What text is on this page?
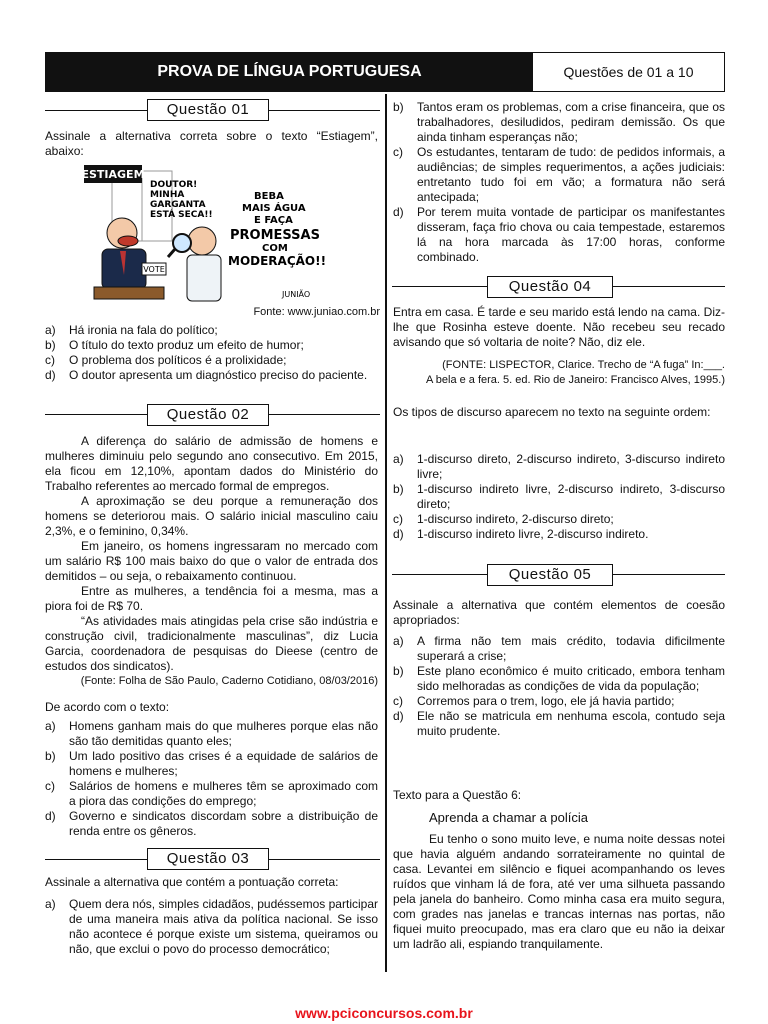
PROVA DE LÍNGUA PORTUGUESA	Questões de 01 a 10
Questão 01
Assinale a alternativa correta sobre o texto “Estiagem”, abaixo:
ESTIAGEM
VOTE
DOUTOR! MINHA GARGANTA ESTÁ SECA!!
BEBA MAIS ÁGUA E FAÇA PROMESSAS COM MODERAÇÃO!!
JUNIÃO
Fonte: www.juniao.com.br
a)	Há ironia na fala do político;
b)	O título do texto produz um efeito de humor;
c)	O problema dos políticos é a prolixidade;
d)	O doutor apresenta um diagnóstico preciso do paciente.
Questão 02
A diferença do salário de admissão de homens e mulheres diminuiu pelo segundo ano consecutivo. Em 2015, ela ficou em 12,10%, apontam dados do Ministério do Trabalho referentes ao mercado formal de empregos.
A aproximação se deu porque a remuneração dos homens se deteriorou mais. O salário inicial masculino caiu 2,3%, e o feminino, 0,34%.
Em janeiro, os homens ingressaram no mercado com um salário R$ 100 mais baixo do que o valor de entrada dos demitidos – ou seja, o rebaixamento continuou.
Entre as mulheres, a tendência foi a mesma, mas a piora foi de R$ 70.
“As atividades mais atingidas pela crise são indústria e construção civil, tradicionalmente masculinas”, diz Lucia Garcia, coordenadora de pesquisas do Dieese (centro de estudos dos sindicatos).
(Fonte: Folha de São Paulo, Caderno Cotidiano, 08/03/2016)
De acordo com o texto:
a)	Homens ganham mais do que mulheres porque elas não são tão demitidas quanto eles;
b)	Um lado positivo das crises é a equidade de salários de homens e mulheres;
c)	Salários de homens e mulheres têm se aproximado com a piora das condições do emprego;
d)	Governo e sindicatos discordam sobre a distribuição de renda entre os gêneros.
Questão 03
Assinale a alternativa que contém a pontuação correta:
a)	Quem dera nós, simples cidadãos, pudéssemos participar de uma maneira mais ativa da política nacional. Se isso não acontece é porque existe um sistema, queiramos ou não, que exclui o povo do processo democrático;
b)	Tantos eram os problemas, com a crise financeira, que os trabalhadores, desiludidos, pediram demissão. Os que ainda tinham esperanças não;
c)	Os estudantes, tentaram de tudo: de pedidos informais, a audiências; de simples requerimentos, a ações judiciais: entretanto tudo foi em vão; a formatura não será antecipada;
d)	Por terem muita vontade de participar os manifestantes disseram, faça frio chova ou caia tempestade, estaremos lá na hora marcada às 17:00 horas, conforme combinado.
Questão 04
Entra em casa. É tarde e seu marido está lendo na cama. Diz-lhe que Rosinha esteve doente. Não recebeu seu recado avisando que só voltaria de noite? Não, diz ele.
(FONTE: LISPECTOR, Clarice. Trecho de “A fuga” In:___.
A bela e a fera. 5. ed. Rio de Janeiro: Francisco Alves, 1995.)
Os tipos de discurso aparecem no texto na seguinte ordem:
a)	1-discurso direto, 2-discurso indireto, 3-discurso indireto livre;
b)	1-discurso indireto livre, 2-discurso indireto, 3-discurso direto;
c)	1-discurso indireto, 2-discurso direto;
d)	1-discurso indireto livre, 2-discurso indireto.
Questão 05
Assinale a alternativa que contém elementos de coesão apropriados:
a)	A firma não tem mais crédito, todavia dificilmente superará a crise;
b)	Este plano econômico é muito criticado, embora tenham sido melhoradas as condições de vida da população;
c)	Corremos para o trem, logo, ele já havia partido;
d)	Ele não se matricula em nenhuma escola, contudo seja muito prudente.
Texto para a Questão 6:
Aprenda a chamar a polícia
Eu tenho o sono muito leve, e numa noite dessas notei que havia alguém andando sorrateiramente no quintal de casa. Levantei em silêncio e fiquei acompanhando os leves ruídos que vinham lá de fora, até ver uma silhueta passando pela janela do banheiro. Como minha casa era muito segura, com grades nas janelas e trancas internas nas portas, não fiquei muito preocupado, mas era claro que eu não ia deixar um ladrão ali, espiando tranquilamente.
www.pciconcursos.com.br
